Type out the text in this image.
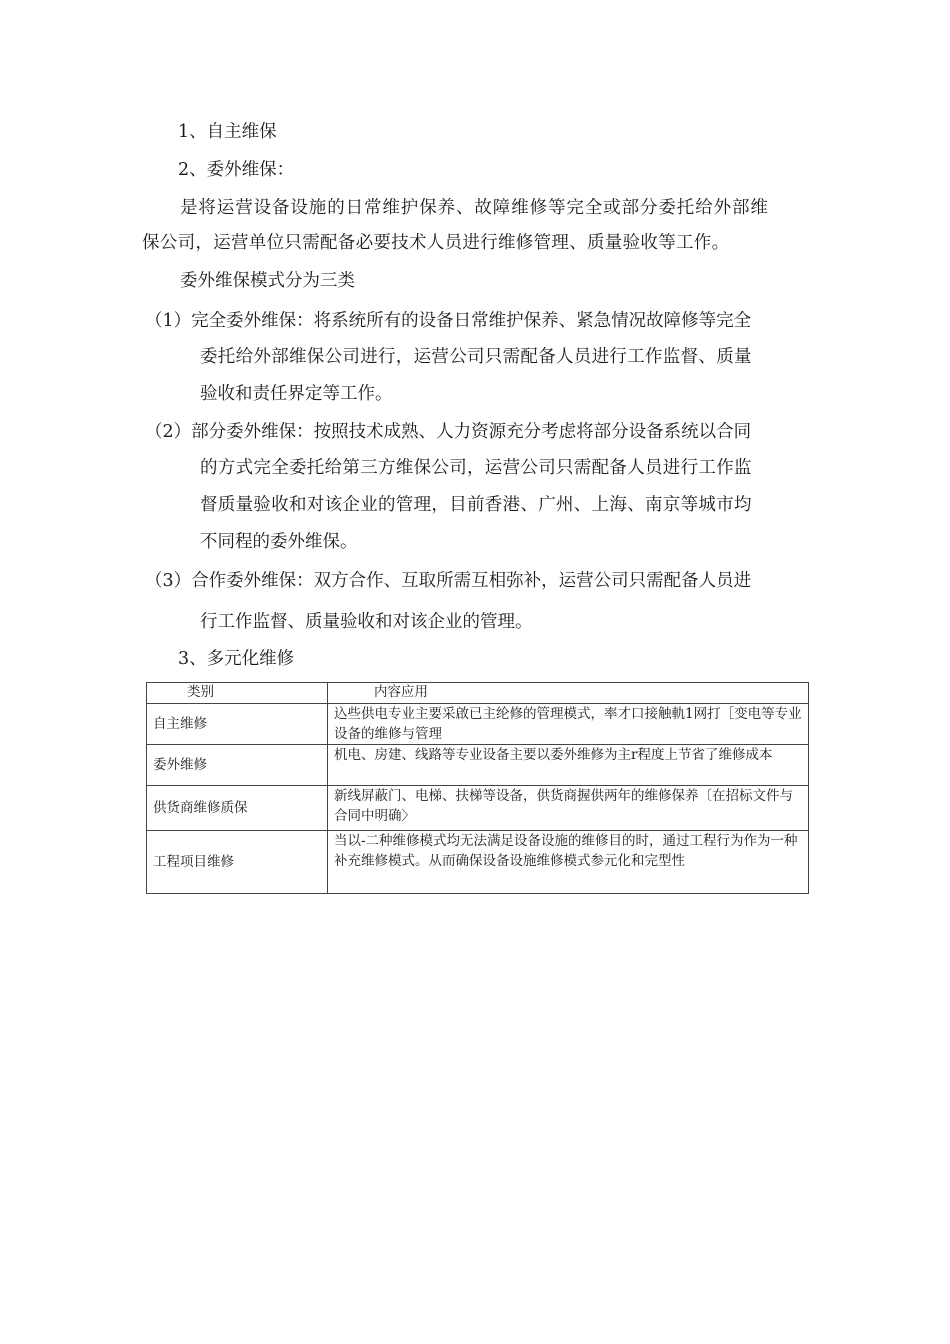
1、自主维保
2、委外维保：
是将运营设备设施的日常维护保养、故障维修等完全或部分委托给外部维
保公司，运营单位只需配备必要技术人员进行维修管理、质量验收等工作。
委外维保模式分为三类
（1）完全委外维保：将系统所有的设备日常维护保养、紧急情况故障修等完全
委托给外部维保公司进行，运营公司只需配备人员进行工作监督、质量
验收和责任界定等工作。
（2）部分委外维保：按照技术成熟、人力资源充分考虑将部分设备系统以合同
的方式完全委托给第三方维保公司，运营公司只需配备人员进行工作监
督质量验收和对该企业的管理，目前香港、广州、上海、南京等城市均
不同程的委外维保。
（3）合作委外维保：双方合作、互取所需互相弥补，运营公司只需配备人员进
行工作监督、质量验收和对该企业的管理。
3、多元化维修
类别	内容应用
自主维修	込些供电专业主要采啟已主纶修的管理模式，率才口接触軌1网打［变电等专业设备的维修与管理
委外维修	机电、房建、线路等专业设备主要以委外维修为主r程度上节省了维修成本
供货商维修质保	新线屏蔽门、电梯、扶梯等设备，供货商握供两年的维修保养〔在招标文件与合同中明确〉
工程项目维修	当以-二种维修模式均无法满足设备设施的维修目的时，通过工程行为作为一种补充维修模式。从而确保设备设施维修模式参元化和完型性
